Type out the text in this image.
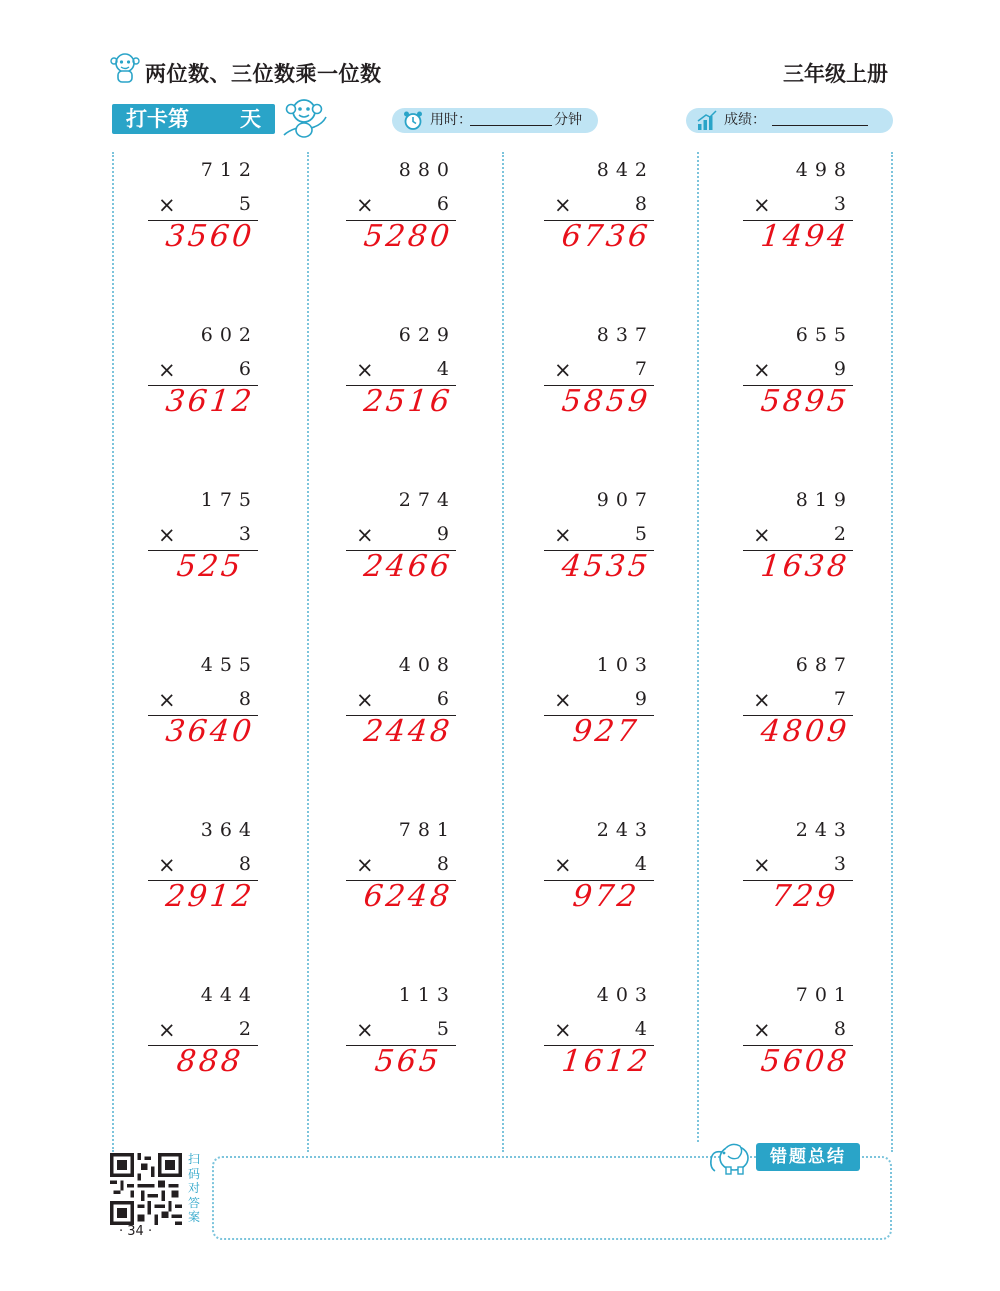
两位数、三位数乘一位数	三年级上册
打卡第 天	用时：	分钟	成绩：
712
×	5
3560
880
×	6
5280
842
×	8
6736
498
×	3
1494
602
×	6
3612
629
×	4
2516
837
×	7
5859
655
×	9
5895
175
×	3
525
274
×	9
2466
907
×	5
4535
819
×	2
1638
455
×	8
3640
408
×	6
2448
103
×	9
927
687
×	7
4809
364
×	8
2912
781
×	8
6248
243
×	4
972
243
×	3
729
444
×	2
888
113
×	5
565
403
×	4
1612
701
×	8
5608
扫码对答案
· 34 ·
错题总结
